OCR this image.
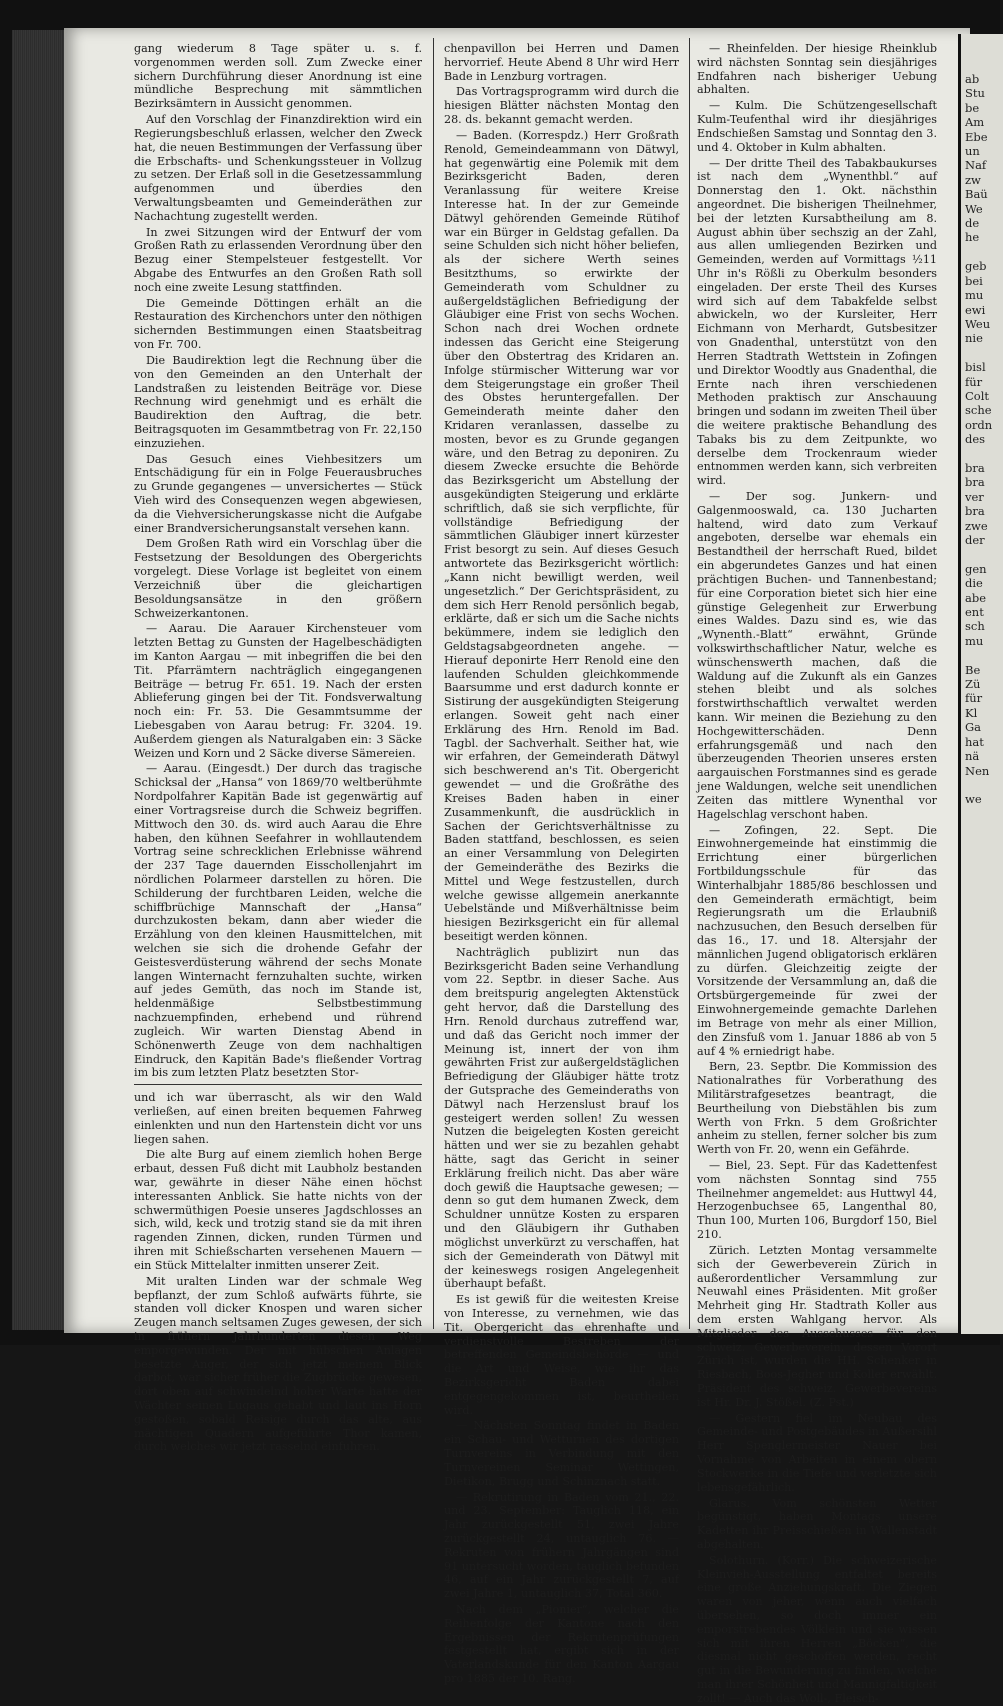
ab
Stu
be
Am
Ebe
un
Naf
zw
Baü
We
de
he

geb
bei
mu
ewi
Weu
nie

bisl
für
Colt
sche
ordn
des

bra
bra
ver
bra
zwe
der

gen
die
abe
ent
sch
mu

Be
Zü
für
Kl
Ga
hat
nä
Nen

we

gang wiederum 8 Tage später u. s. f. vorgenommen werden soll. Zum Zwecke einer sichern Durchführung dieser Anordnung ist eine mündliche Besprechung mit sämmtlichen Bezirksämtern in Aussicht genommen.

Auf den Vorschlag der Finanzdirektion wird ein Regierungsbeschluß erlassen, welcher den Zweck hat, die neuen Bestimmungen der Verfassung über die Erbschafts- und Schenkungssteuer in Vollzug zu setzen. Der Erlaß soll in die Gesetzessammlung aufgenommen und überdies den Verwaltungsbeamten und Gemeinderäthen zur Nachachtung zugestellt werden.

In zwei Sitzungen wird der Entwurf der vom Großen Rath zu erlassenden Verordnung über den Bezug einer Stempelsteuer festgestellt. Vor Abgabe des Entwurfes an den Großen Rath soll noch eine zweite Lesung stattfinden.

Die Gemeinde Döttingen erhält an die Restauration des Kirchenchors unter den nöthigen sichernden Bestimmungen einen Staatsbeitrag von Fr. 700.

Die Baudirektion legt die Rechnung über die von den Gemeinden an den Unterhalt der Landstraßen zu leistenden Beiträge vor. Diese Rechnung wird genehmigt und es erhält die Baudirektion den Auftrag, die betr. Beitragsquoten im Gesammtbetrag von Fr. 22,150 einzuziehen.

Das Gesuch eines Viehbesitzers um Entschädigung für ein in Folge Feuerausbruches zu Grunde gegangenes — unversichertes — Stück Vieh wird des Consequenzen wegen abgewiesen, da die Viehversicherungskasse nicht die Aufgabe einer Brandversicherungsanstalt versehen kann.

Dem Großen Rath wird ein Vorschlag über die Festsetzung der Besoldungen des Obergerichts vorgelegt. Diese Vorlage ist begleitet von einem Verzeichniß über die gleichartigen Besoldungsansätze in den größern Schweizerkantonen.

— Aarau. Die Aarauer Kirchensteuer vom letzten Bettag zu Gunsten der Hagelbeschädigten im Kanton Aargau — mit inbegriffen die bei den Tit. Pfarrämtern nachträglich eingegangenen Beiträge — betrug Fr. 651. 19. Nach der ersten Ablieferung gingen bei der Tit. Fondsverwaltung noch ein: Fr. 53. Die Gesammtsumme der Liebesgaben von Aarau betrug: Fr. 3204. 19. Außerdem giengen als Naturalgaben ein: 3 Säcke Weizen und Korn und 2 Säcke diverse Sämereien.

— Aarau. (Eingesdt.) Der durch das tragische Schicksal der „Hansa“ von 1869/70 weltberühmte Nordpolfahrer Kapitän Bade ist gegenwärtig auf einer Vortragsreise durch die Schweiz begriffen. Mittwoch den 30. ds. wird auch Aarau die Ehre haben, den kühnen Seefahrer in wohllautendem Vortrag seine schrecklichen Erlebnisse während der 237 Tage dauernden Eisschollenjahrt im nördlichen Polarmeer darstellen zu hören. Die Schilderung der furchtbaren Leiden, welche die schiffbrüchige Mannschaft der „Hansa“ durchzukosten bekam, dann aber wieder die Erzählung von den kleinen Hausmittelchen, mit welchen sie sich die drohende Gefahr der Geistesverdüsterung während der sechs Monate langen Winternacht fernzuhalten suchte, wirken auf jedes Gemüth, das noch im Stande ist, heldenmäßige Selbstbestimmung nachzuempfinden, erhebend und rührend zugleich. Wir warten Dienstag Abend in Schönenwerth Zeuge von dem nachhaltigen Eindruck, den Kapitän Bade's fließender Vortrag im bis zum letzten Platz besetzten Stor-

und ich war überrascht, als wir den Wald verließen, auf einen breiten bequemen Fahrweg einlenkten und nun den Hartenstein dicht vor uns liegen sahen.

Die alte Burg auf einem ziemlich hohen Berge erbaut, dessen Fuß dicht mit Laubholz bestanden war, gewährte in dieser Nähe einen höchst interessanten Anblick. Sie hatte nichts von der schwermüthigen Poesie unseres Jagdschlosses an sich, wild, keck und trotzig stand sie da mit ihren ragenden Zinnen, dicken, runden Türmen und ihren mit Schießscharten versehenen Mauern — ein Stück Mittelalter inmitten unserer Zeit.

Mit uralten Linden war der schmale Weg bepflanzt, der zum Schloß aufwärts führte, sie standen voll dicker Knospen und waren sicher Zeugen manch seltsamen Zuges gewesen, der sich in frühern Jahrhunderten diesen Weg emporgewunden. Der mit hübschen Anlagen besetzte Anger, der sich jetzt meinem Blick darbot, war sicher früher die Zugbrücke gewesen, dort oben auf schwindelnd hoher Warte hatte der Wächter seinen Lugaus gehabt und laut ins Horn gestoßen, sobald Reisige durch das alte, aus mächtigen Quadern aufgeführte Thor kamen, durch welches wir jetzt rasselnd einfuhren.

chenpavillon bei Herren und Damen hervorrief. Heute Abend 8 Uhr wird Herr Bade in Lenzburg vortragen.

Das Vortragsprogramm wird durch die hiesigen Blätter nächsten Montag den 28. ds. bekannt gemacht werden.

— Baden. (Korrespdz.) Herr Großrath Renold, Gemeindeammann von Dätwyl, hat gegenwärtig eine Polemik mit dem Bezirksgericht Baden, deren Veranlassung für weitere Kreise Interesse hat. In der zur Gemeinde Dätwyl gehörenden Gemeinde Rütihof war ein Bürger in Geldstag gefallen. Da seine Schulden sich nicht höher beliefen, als der sichere Werth seines Besitzthums, so erwirkte der Gemeinderath vom Schuldner zu außergeldstäglichen Befriedigung der Gläubiger eine Frist von sechs Wochen. Schon nach drei Wochen ordnete indessen das Gericht eine Steigerung über den Obstertrag des Kridaren an. Infolge stürmischer Witterung war vor dem Steigerungstage ein großer Theil des Obstes heruntergefallen. Der Gemeinderath meinte daher den Kridaren veranlassen, dasselbe zu mosten, bevor es zu Grunde gegangen wäre, und den Betrag zu deponiren. Zu diesem Zwecke ersuchte die Behörde das Bezirksgericht um Abstellung der ausgekündigten Steigerung und erklärte schriftlich, daß sie sich verpflichte, für vollständige Befriedigung der sämmtlichen Gläubiger innert kürzester Frist besorgt zu sein. Auf dieses Gesuch antwortete das Bezirksgericht wörtlich: „Kann nicht bewilligt werden, weil ungesetzlich.“ Der Gerichtspräsident, zu dem sich Herr Renold persönlich begab, erklärte, daß er sich um die Sache nichts bekümmere, indem sie lediglich den Geldstagsabgeordneten angehe. — Hierauf deponirte Herr Renold eine den laufenden Schulden gleichkommende Baarsumme und erst dadurch konnte er Sistirung der ausgekündigten Steigerung erlangen. Soweit geht nach einer Erklärung des Hrn. Renold im Bad. Tagbl. der Sachverhalt. Seither hat, wie wir erfahren, der Gemeinderath Dätwyl sich beschwerend an's Tit. Obergericht gewendet — und die Großräthe des Kreises Baden haben in einer Zusammenkunft, die ausdrücklich in Sachen der Gerichtsverhältnisse zu Baden stattfand, beschlossen, es seien an einer Versammlung von Delegirten der Gemeinderäthe des Bezirks die Mittel und Wege festzustellen, durch welche gewisse allgemein anerkannte Uebelstände und Mißverhältnisse beim hiesigen Bezirksgericht ein für allemal beseitigt werden können.

Nachträglich publizirt nun das Bezirksgericht Baden seine Verhandlung vom 22. Septbr. in dieser Sache. Aus dem breitspurig angelegten Aktenstück geht hervor, daß die Darstellung des Hrn. Renold durchaus zutreffend war, und daß das Gericht noch immer der Meinung ist, innert der von ihm gewährten Frist zur außergeldstäglichen Befriedigung der Gläubiger hätte trotz der Gutsprache des Gemeinderaths von Dätwyl nach Herzenslust brauf los gesteigert werden sollen! Zu wessen Nutzen die beigelegten Kosten gereicht hätten und wer sie zu bezahlen gehabt hätte, sagt das Gericht in seiner Erklärung freilich nicht. Das aber wäre doch gewiß die Hauptsache gewesen; — denn so gut dem humanen Zweck, dem Schuldner unnütze Kosten zu ersparen und den Gläubigern ihr Guthaben möglichst unverkürzt zu verschaffen, hat sich der Gemeinderath von Dätwyl mit der keineswegs rosigen Angelegenheit überhaupt befaßt.

Es ist gewiß für die weitesten Kreise von Interesse, zu vernehmen, wie das Tit. Obergericht das ehrenhafte und verdienstvolle Bestreben der betreffenden Gemeindsbehörde — und die Art und Weise, wie ihr das Bezirksgericht Baden dabei entgegengekommen ist, beurtheilen wird.

— Nächsten Sonntag findet in Baden ein Schau- und Wetturnen des dortigen Turnvereins in Verbindung mit den Turnvereinen Seminar Wettingen, Dietikon, Brugg und Schinznach statt.

— Rekrutirung in Baden vom 21., 22. und 23. September: Tauglich 118, ein Jahr zurückgestellt 51, zwei Jahre zurückgestellt 24, untauglich 76. — Rekruten von frühern Jahrgängen sind 91 untersucht worden, tauglich befunden 46, auf ein Jahr zurückgestellt 7, auf zwei Jahre 1, untauglich 37, Total 360.

Nach dem „Pionier“, welcher die Reihenfolge der Kantone nach den Ergebnissen der Rekrutenprüfungen festgestellt hat, ergibt sich in der Vaterlandskunde für den Kanton Aargau pro 1885 der 10. Rang.

— Rheinfelden. Der hiesige Rheinklub wird nächsten Sonntag sein diesjähriges Endfahren nach bisheriger Uebung abhalten.

— Kulm. Die Schützengesellschaft Kulm-Teufenthal wird ihr diesjähriges Endschießen Samstag und Sonntag den 3. und 4. Oktober in Kulm abhalten.

— Der dritte Theil des Tabakbaukurses ist nach dem „Wynenthbl.“ auf Donnerstag den 1. Okt. nächsthin angeordnet. Die bisherigen Theilnehmer, bei der letzten Kursabtheilung am 8. August abhin über sechszig an der Zahl, aus allen umliegenden Bezirken und Gemeinden, werden auf Vormittags ½11 Uhr in's Rößli zu Oberkulm besonders eingeladen. Der erste Theil des Kurses wird sich auf dem Tabakfelde selbst abwickeln, wo der Kursleiter, Herr Eichmann von Merhardt, Gutsbesitzer von Gnadenthal, unterstützt von den Herren Stadtrath Wettstein in Zofingen und Direktor Woodtly aus Gnadenthal, die Ernte nach ihren verschiedenen Methoden praktisch zur Anschauung bringen und sodann im zweiten Theil über die weitere praktische Behandlung des Tabaks bis zu dem Zeitpunkte, wo derselbe dem Trockenraum wieder entnommen werden kann, sich verbreiten wird.

— Der sog. Junkern- und Galgenmooswald, ca. 130 Jucharten haltend, wird dato zum Verkauf angeboten, derselbe war ehemals ein Bestandtheil der herrschaft Rued, bildet ein abgerundetes Ganzes und hat einen prächtigen Buchen- und Tannenbestand; für eine Corporation bietet sich hier eine günstige Gelegenheit zur Erwerbung eines Waldes. Dazu sind es, wie das „Wynenth.-Blatt“ erwähnt, Gründe volkswirthschaftlicher Natur, welche es wünschenswerth machen, daß die Waldung auf die Zukunft als ein Ganzes stehen bleibt und als solches forstwirthschaftlich verwaltet werden kann. Wir meinen die Beziehung zu den Hochgewitterschäden. Denn erfahrungsgemäß und nach den überzeugenden Theorien unseres ersten aargauischen Forstmannes sind es gerade jene Waldungen, welche seit unendlichen Zeiten das mittlere Wynenthal vor Hagelschlag verschont haben.

— Zofingen, 22. Sept. Die Einwohnergemeinde hat einstimmig die Errichtung einer bürgerlichen Fortbildungsschule für das Winterhalbjahr 1885/86 beschlossen und den Gemeinderath ermächtigt, beim Regierungsrath um die Erlaubniß nachzusuchen, den Besuch derselben für das 16., 17. und 18. Altersjahr der männlichen Jugend obligatorisch erklären zu dürfen. Gleichzeitig zeigte der Vorsitzende der Versammlung an, daß die Ortsbürgergemeinde für zwei der Einwohnergemeinde gemachte Darlehen im Betrage von mehr als einer Million, den Zinsfuß vom 1. Januar 1886 ab von 5 auf 4 % erniedrigt habe.

Bern, 23. Septbr. Die Kommission des Nationalrathes für Vorberathung des Militärstrafgesetzes beantragt, die Beurtheilung von Diebstählen bis zum Werth von Frkn. 5 dem Großrichter anheim zu stellen, ferner solcher bis zum Werth von Fr. 20, wenn ein Gefährde.

— Biel, 23. Sept. Für das Kadettenfest vom nächsten Sonntag sind 755 Theilnehmer angemeldet: aus Huttwyl 44, Herzogenbuchsee 65, Langenthal 80, Thun 100, Murten 106, Burgdorf 150, Biel 210.

Zürich. Letzten Montag versammelte sich der Gewerbeverein Zürich in außerordentlicher Versammlung zur Neuwahl eines Präsidenten. Mit großer Mehrheit ging Hr. Stadtrath Koller aus dem ersten Wahlgang hervor. Als Mitglieder des Ausschusses für den schweiz. Gewerbeverein, dessen Vorort Zürich ist, wurden die HH. Schenker in Riesbach, Boos-Jegher und Koller erwählt. Präsident des schweiz. Gewerbevereins ist Hr. Dr. J. Stößel. (Z. Pst.)

— Gestern fiel im Neubau des Gemeinde- und Postgebäudes in Außersihl Herr Spenglermeister Nauer bei Vornahme von Arbeiten in einem obern Stockwerke in die Tiefe und verletzte sich lebensgefährlich.

Glarus. Vom schönsten Wetter begünstigt, haben Montags unsere Kadetten ihr Preisschießen in Wallenstadt abgehalten.

Solothurn. (Korr.) Die schweizerische Kleinvieh-Ausstellung entfaltet bereits eine große Anziehungskraft. Die Ziegen waren von jeher, wenn auch vielfach übersehen, so doch immer ein emporstrebendes Völklein und sie wissen sich mit ihren Herren „Böcken“, die diesmal nicht geschoffen werden, recht gut in die Bewunderung zu finden, welche man ihrer Schönheit und Mannigfaltigkeit zollt! — Auch das Woll-, Fleisch-
